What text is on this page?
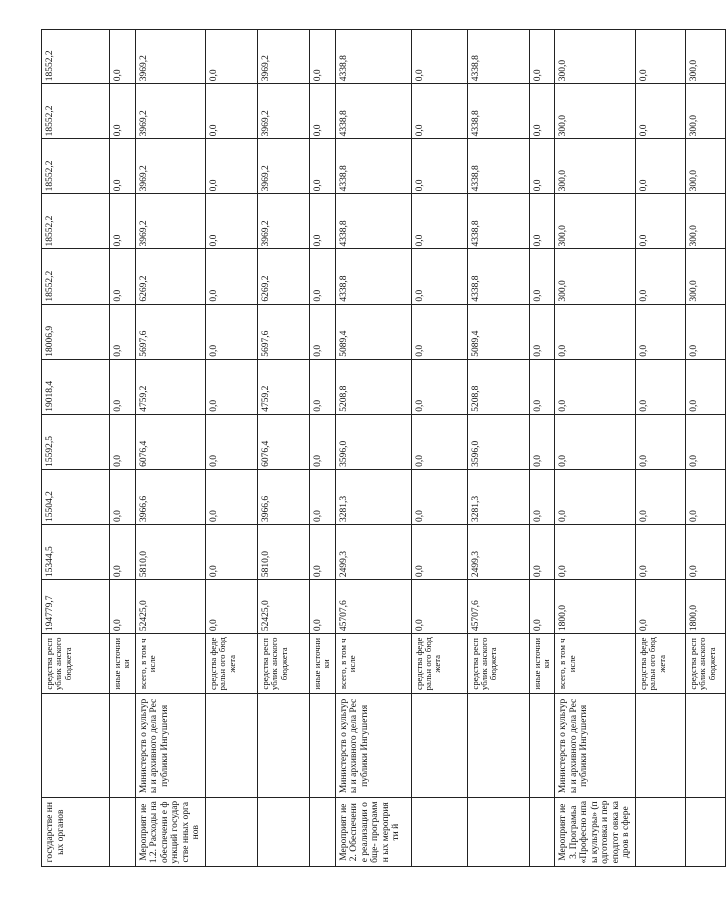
государстве нных органов		средства республик анского бюджета	194779,7	15344,5	15504,2	15592,5	19018,4	18006,9	18552,2	18552,2	18552,2	18552,2	18552,2
		иные источники	0,0	0,0	0,0	0,0	0,0	0,0	0,0	0,0	0,0	0,0	0,0
Мероприят ие 1.2. Расходы на обеспечени е функций государстве нных органов	Министерств о культуры и архивного дела Республики Ингушетия	всего, в том числе	52425,0	5810,0	3966,6	6076,4	4759,2	5697,6	6269,2	3969,2	3969,2	3969,2	3969,2
		средства федеральн ого бюджета	0,0	0,0	0,0	0,0	0,0	0,0	0,0	0,0	0,0	0,0	0,0
		средства республик анского бюджета	52425,0	5810,0	3966,6	6076,4	4759,2	5697,6	6269,2	3969,2	3969,2	3969,2	3969,2
		иные источники	0,0	0,0	0,0	0,0	0,0	0,0	0,0	0,0	0,0	0,0	0,0
Мероприят ие 2. Обеспечени е реализации обще- программн ых мероприяти й	Министерств о культуры и архивного дела Республики Ингушетия	всего, в том числе	45707,6	2499,3	3281,3	3596,0	5208,8	5089,4	4338,8	4338,8	4338,8	4338,8	4338,8
		средства федеральн ого бюджета	0,0	0,0	0,0	0,0	0,0	0,0	0,0	0,0	0,0	0,0	0,0
		средства республик анского бюджета	45707,6	2499,3	3281,3	3596,0	5208,8	5089,4	4338,8	4338,8	4338,8	4338,8	4338,8
		иные источники	0,0	0,0	0,0	0,0	0,0	0,0	0,0	0,0	0,0	0,0	0,0
Мероприят ие 3. Програмьа «Професно нпаы культуры» (подготовка и переподгот овка кадров в сфере	Министерств о культуры и архивного дела Республики Ингушетия	всего, в том числе	1800,0	0,0	0,0	0,0	0,0	0,0	300,0	300,0	300,0	300,0	300,0
		средства федеральн ого бюджета	0,0	0,0	0,0	0,0	0,0	0,0	0,0	0,0	0,0	0,0	0,0
		средства республик анского бюджета	1800,0	0,0	0,0	0,0	0,0	0,0	300,0	300,0	300,0	300,0	300,0
